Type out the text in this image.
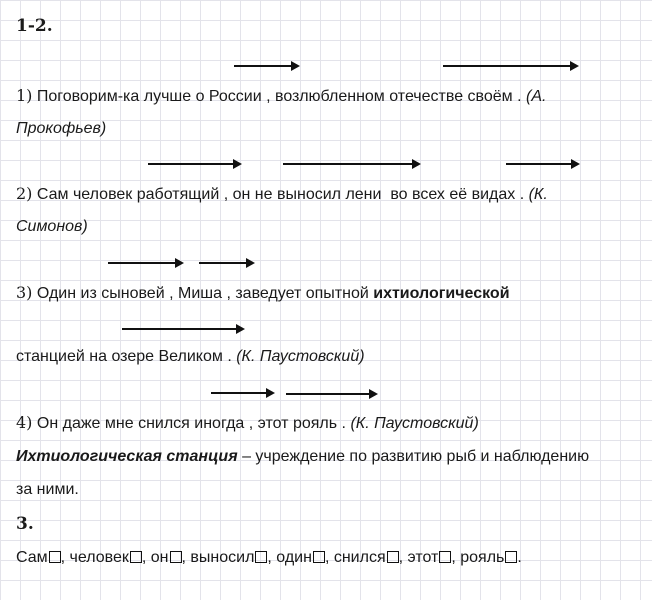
1-2.
1) Поговорим-ка лучше о России , возлюбленном отечестве своём . (А.
Прокофьев)
2) Сам человек работящий , он не выносил лени во всех её видах . (К.
Симонов)
3) Один из сыновей , Миша , заведует опытной ихтиологической
станцией на озере Великом . (К. Паустовский)
4) Он даже мне снился иногда , этот рояль . (К. Паустовский)
Ихтиологическая станция – учреждение по развитию рыб и наблюдению
за ними.
3.
Сам , человек , он , выносил , один , снился , этот , рояль .
